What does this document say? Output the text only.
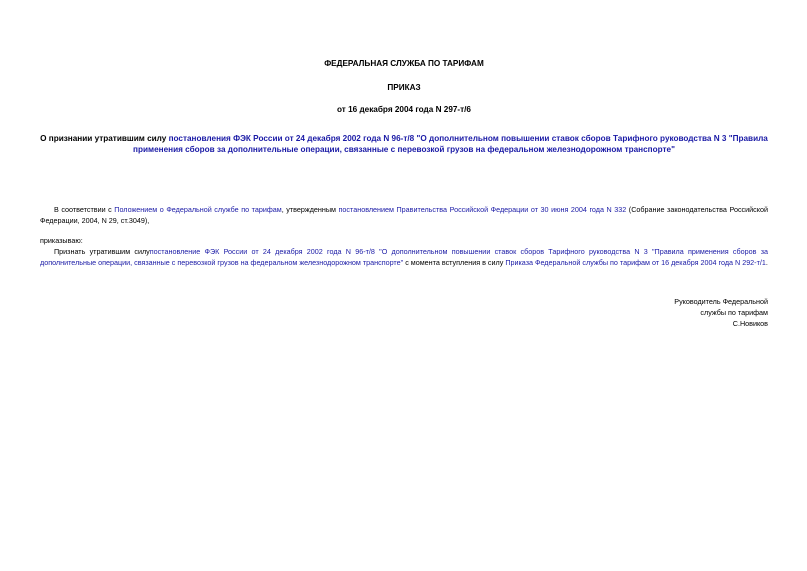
ФЕДЕРАЛЬНАЯ СЛУЖБА ПО ТАРИФАМ
ПРИКАЗ
от 16 декабря 2004 года N 297-т/6
О признании утратившим силу постановления ФЭК России от 24 декабря 2002 года N 96-т/8 "О дополнительном повышении ставок сборов Тарифного руководства N 3 "Правила применения сборов за дополнительные операции, связанные с перевозкой грузов на федеральном железнодорожном транспорте"
В соответствии с Положением о Федеральной службе по тарифам, утвержденным постановлением Правительства Российской Федерации от 30 июня 2004 года N 332 (Собрание законодательства Российской Федерации, 2004, N 29, ст.3049),
приказываю:
Признать утратившим силупостановление ФЭК России от 24 декабря 2002 года N 96-т/8 "О дополнительном повышении ставок сборов Тарифного руководства N 3 "Правила применения сборов за дополнительные операции, связанные с перевозкой грузов на федеральном железнодорожном транспорте" с момента вступления в силу Приказа Федеральной службы по тарифам от 16 декабря 2004 года N 292-т/1.
Руководитель Федеральной
службы по тарифам
С.Новиков
